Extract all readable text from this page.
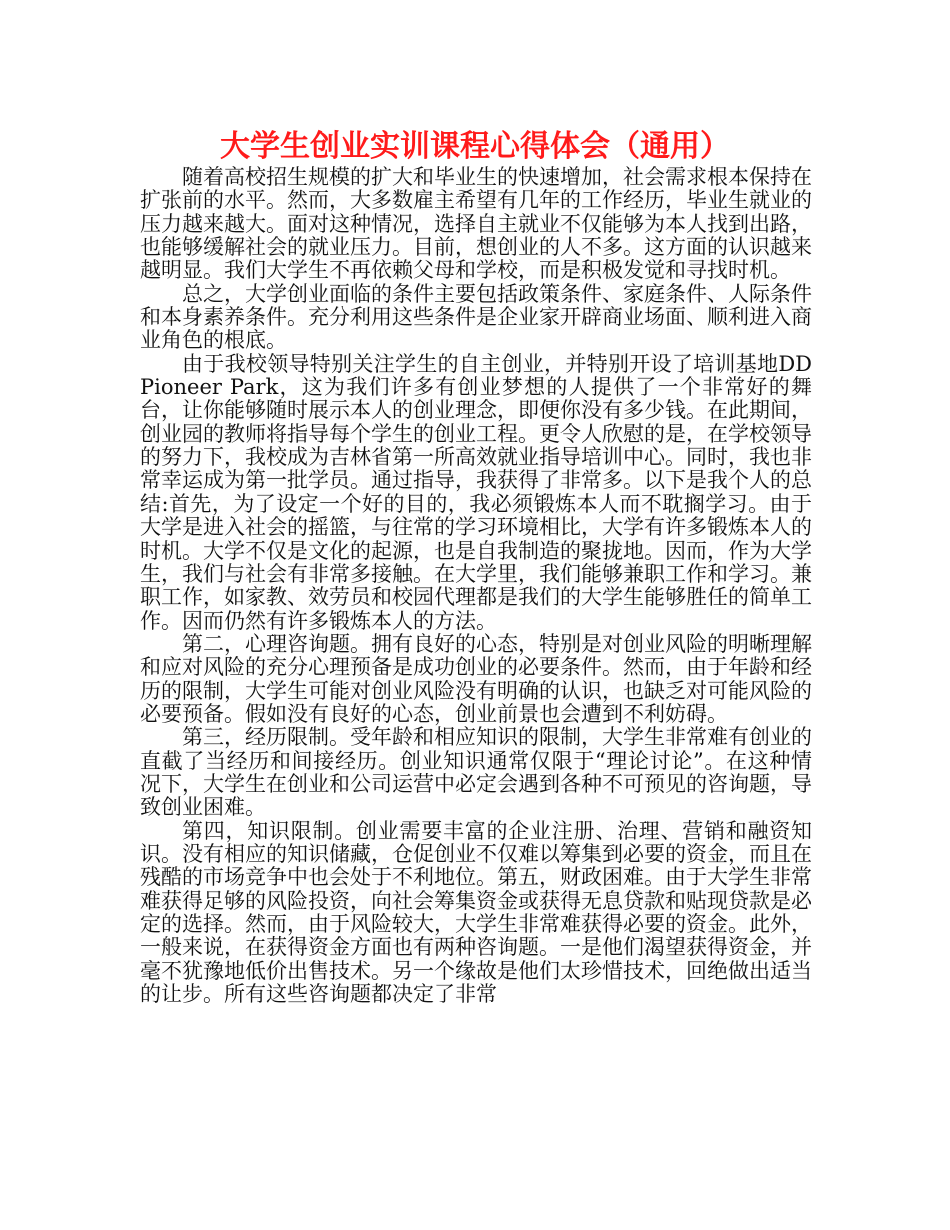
大学生创业实训课程心得体会（通用）

随着高校招生规模的扩大和毕业生的快速增加，社会需求根本保持在扩张前的水平。然而，大多数雇主希望有几年的工作经历，毕业生就业的压力越来越大。面对这种情况，选择自主就业不仅能够为本人找到出路，也能够缓解社会的就业压力。目前，想创业的人不多。这方面的认识越来越明显。我们大学生不再依赖父母和学校，而是积极发觉和寻找时机。

总之，大学创业面临的条件主要包括政策条件、家庭条件、人际条件和本身素养条件。充分利用这些条件是企业家开辟商业场面、顺利进入商业角色的根底。

由于我校领导特别关注学生的自主创业，并特别开设了培训基地DD Pioneer Park，这为我们许多有创业梦想的人提供了一个非常好的舞台，让你能够随时展示本人的创业理念，即便你没有多少钱。在此期间，创业园的教师将指导每个学生的创业工程。更令人欣慰的是，在学校领导的努力下，我校成为吉林省第一所高效就业指导培训中心。同时，我也非常幸运成为第一批学员。通过指导，我获得了非常多。以下是我个人的总结:首先，为了设定一个好的目的，我必须锻炼本人而不耽搁学习。由于大学是进入社会的摇篮，与往常的学习环境相比，大学有许多锻炼本人的时机。大学不仅是文化的起源，也是自我制造的聚拢地。因而，作为大学生，我们与社会有非常多接触。在大学里，我们能够兼职工作和学习。兼职工作，如家教、效劳员和校园代理都是我们的大学生能够胜任的简单工作。因而仍然有许多锻炼本人的方法。

第二，心理咨询题。拥有良好的心态，特别是对创业风险的明晰理解和应对风险的充分心理预备是成功创业的必要条件。然而，由于年龄和经历的限制，大学生可能对创业风险没有明确的认识，也缺乏对可能风险的必要预备。假如没有良好的心态，创业前景也会遭到不利妨碍。

第三，经历限制。受年龄和相应知识的限制，大学生非常难有创业的直截了当经历和间接经历。创业知识通常仅限于“理论讨论”。在这种情况下，大学生在创业和公司运营中必定会遇到各种不可预见的咨询题，导致创业困难。

第四，知识限制。创业需要丰富的企业注册、治理、营销和融资知识。没有相应的知识储藏，仓促创业不仅难以筹集到必要的资金，而且在残酷的市场竞争中也会处于不利地位。第五，财政困难。由于大学生非常难获得足够的风险投资，向社会筹集资金或获得无息贷款和贴现贷款是必定的选择。然而，由于风险较大，大学生非常难获得必要的资金。此外，一般来说，在获得资金方面也有两种咨询题。一是他们渴望获得资金，并毫不犹豫地低价出售技术。另一个缘故是他们太珍惜技术，回绝做出适当的让步。所有这些咨询题都决定了非常
